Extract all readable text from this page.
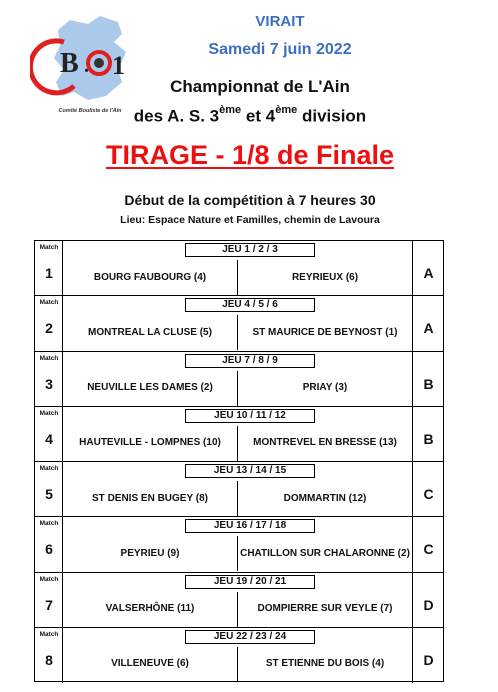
B . 1
Comité Bouliste de l'Ain
VIRAIT
Samedi 7 juin 2022
Championnat de L'Ain
des A. S. 3ème et 4ème division
TIRAGE - 1/8 de Finale
Début de la compétition à 7 heures 30
Lieu: Espace Nature et Familles, chemin de Lavoura
Match
1
JEU 1 / 2 / 3
BOURG FAUBOURG (4)	REYRIEUX (6)	A
Match
2
JEU 4 / 5 / 6
MONTREAL LA CLUSE (5)	ST MAURICE DE BEYNOST (1)	A
Match
3
JEU 7 / 8 / 9
NEUVILLE LES DAMES (2)	PRIAY (3)	B
Match
4
JEU 10 / 11 / 12
HAUTEVILLE - LOMPNES (10)	MONTREVEL EN BRESSE (13)	B
Match
5
JEU 13 / 14 / 15
ST DENIS EN BUGEY (8)	DOMMARTIN (12)	C
Match
6
JEU 16 / 17 / 18
PEYRIEU (9)	CHATILLON SUR CHALARONNE (2) C
Match
7
JEU 19 / 20 / 21
VALSERHÔNE (11)	DOMPIERRE SUR VEYLE (7)	D
Match
8
JEU 22 / 23 / 24
VILLENEUVE (6)	ST ETIENNE DU BOIS (4)	D
